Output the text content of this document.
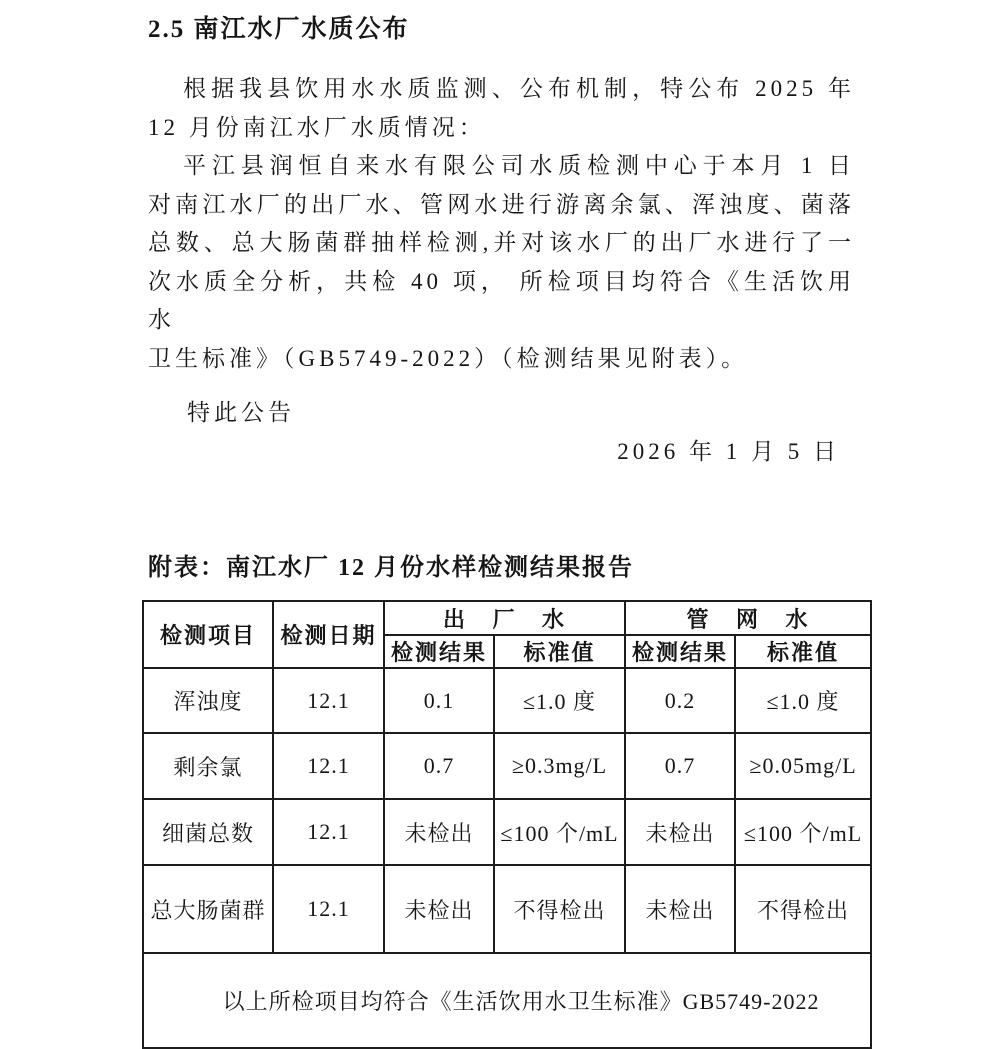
2.5 南江水厂水质公布
根据我县饮用水水质监测、公布机制，特公布 2025 年
12 月份南江水厂水质情况：
平江县润恒自来水有限公司水质检测中心于本月 1 日
对南江水厂的出厂水、管网水进行游离余氯、浑浊度、菌落
总数、总大肠菌群抽样检测,并对该水厂的出厂水进行了一
次水质全分析，共检 40 项， 所检项目均符合《生活饮用水
卫生标准》（GB5749-2022）（检测结果见附表）。
特此公告
2026 年 1 月 5 日
附表：南江水厂 12 月份水样检测结果报告
检测项目	检测日期	出 厂 水		管 网 水	
		检测结果	标准值	检测结果	标准值
浑浊度	12.1	0.1	≤1.0 度	0.2	≤1.0 度
剩余氯	12.1	0.7	≥0.3mg/L	0.7	≥0.05mg/L
细菌总数	12.1	未检出	≤100 个/mL	未检出	≤100 个/mL
总大肠菌群	12.1	未检出	不得检出	未检出	不得检出
以上所检项目均符合《生活饮用水卫生标准》GB5749-2022					
